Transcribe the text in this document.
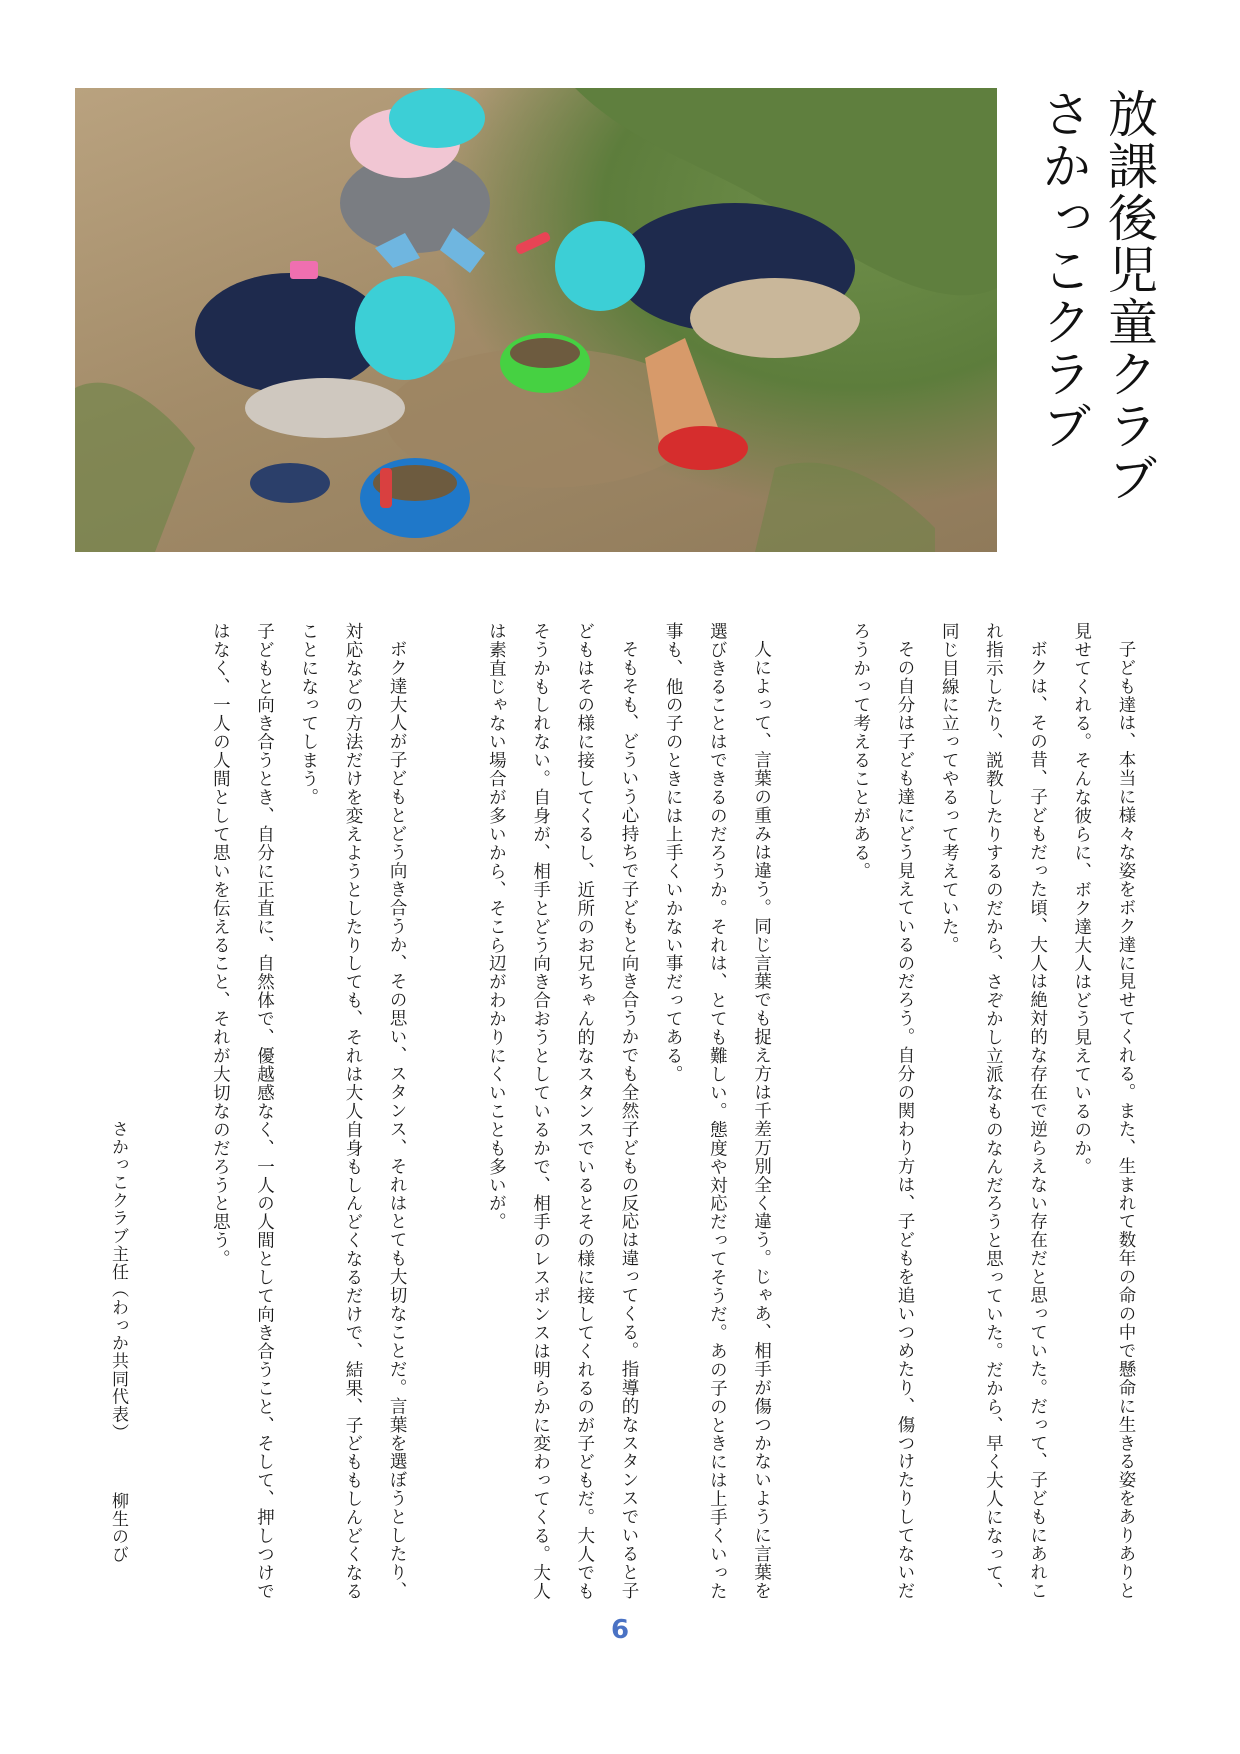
放課後児童クラブ
さかっこクラブ

子ども達は、本当に様々な姿をボク達に見せてくれる。また、生まれて数年の命の中で懸命に生きる姿をありありと見せてくれる。そんな彼らに、ボク達大人はどう見えているのか。

ボクは、その昔、子どもだった頃、大人は絶対的な存在で逆らえない存在だと思っていた。だって、子どもにあれこれ指示したり、説教したりするのだから、さぞかし立派なものなんだろうと思っていた。だから、早く大人になって、同じ目線に立ってやるって考えていた。

その自分は子ども達にどう見えているのだろう。自分の関わり方は、子どもを追いつめたり、傷つけたりしてないだろうかって考えることがある。

人によって、言葉の重みは違う。同じ言葉でも捉え方は千差万別全く違う。じゃあ、相手が傷つかないように言葉を選びきることはできるのだろうか。それは、とても難しい。態度や対応だってそうだ。あの子のときには上手くいった事も、他の子のときには上手くいかない事だってある。

そもそも、どういう心持ちで子どもと向き合うかでも全然子どもの反応は違ってくる。指導的なスタンスでいると子どもはその様に接してくるし、近所のお兄ちゃん的なスタンスでいるとその様に接してくれるのが子どもだ。大人でもそうかもしれない。自身が、相手とどう向き合おうとしているかで、相手のレスポンスは明らかに変わってくる。大人は素直じゃない場合が多いから、そこら辺がわかりにくいことも多いが。

ボク達大人が子どもとどう向き合うか、その思い、スタンス、それはとても大切なことだ。言葉を選ぼうとしたり、対応などの方法だけを変えようとしたりしても、それは大人自身もしんどくなるだけで、結果、子どももしんどくなることになってしまう。

子どもと向き合うとき、自分に正直に、自然体で、優越感なく、一人の人間として向き合うこと、そして、押しつけではなく、一人の人間として思いを伝えること、それが大切なのだろうと思う。

さかっこクラブ主任（わっか共同代表） 柳生のび
6
